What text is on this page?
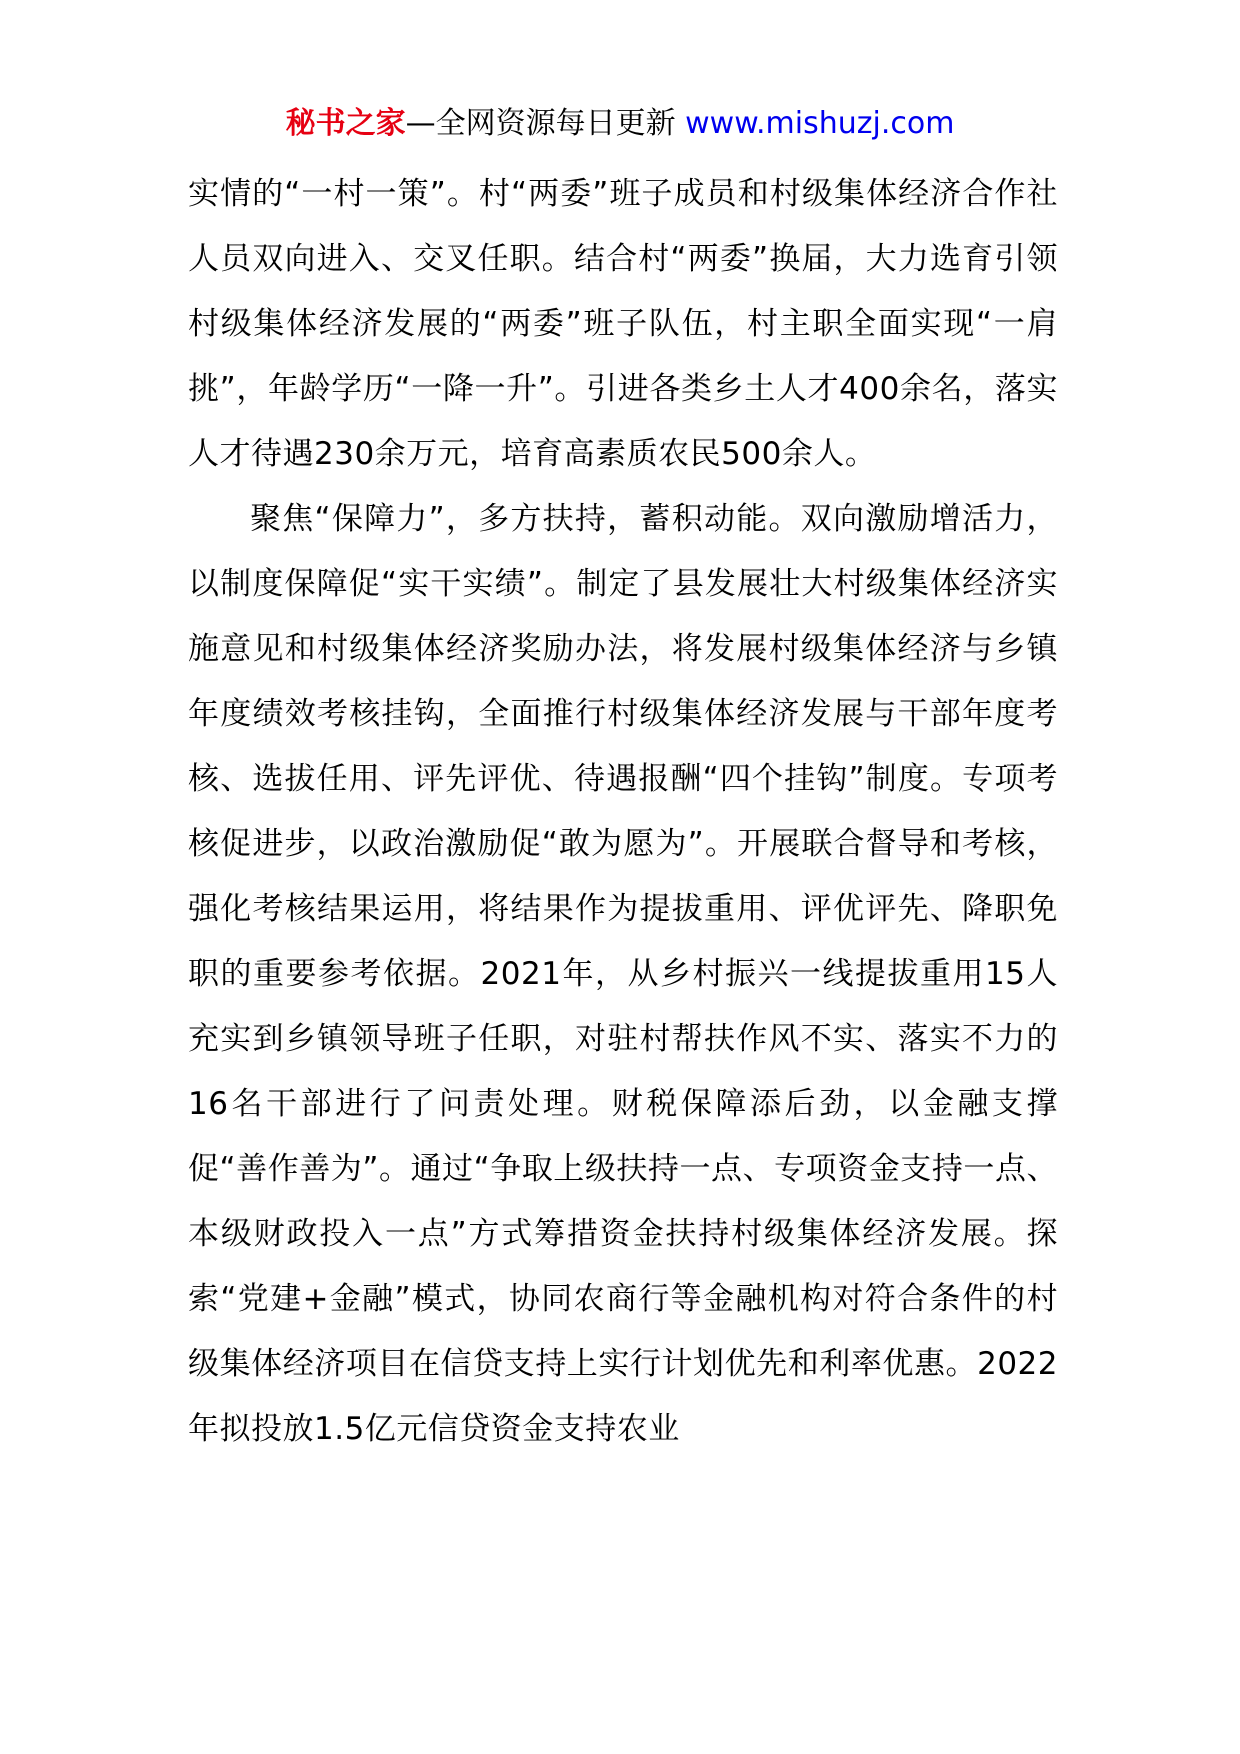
秘书之家—全网资源每日更新 www.mishuzj.com

实情的“一村一策”。村“两委”班子成员和村级集体经济合作社人员双向进入、交叉任职。结合村“两委”换届，大力选育引领村级集体经济发展的“两委”班子队伍，村主职全面实现“一肩挑”，年龄学历“一降一升”。引进各类乡土人才400余名，落实人才待遇230余万元，培育高素质农民500余人。

聚焦“保障力”，多方扶持，蓄积动能。双向激励增活力，以制度保障促“实干实绩”。制定了县发展壮大村级集体经济实施意见和村级集体经济奖励办法，将发展村级集体经济与乡镇年度绩效考核挂钩，全面推行村级集体经济发展与干部年度考核、选拔任用、评先评优、待遇报酬“四个挂钩”制度。专项考核促进步，以政治激励促“敢为愿为”。开展联合督导和考核，强化考核结果运用，将结果作为提拔重用、评优评先、降职免职的重要参考依据。2021年，从乡村振兴一线提拔重用15人充实到乡镇领导班子任职，对驻村帮扶作风不实、落实不力的16名干部进行了问责处理。财税保障添后劲，以金融支撑促“善作善为”。通过“争取上级扶持一点、专项资金支持一点、本级财政投入一点”方式筹措资金扶持村级集体经济发展。探索“党建+金融”模式，协同农商行等金融机构对符合条件的村级集体经济项目在信贷支持上实行计划优先和利率优惠。2022年拟投放1.5亿元信贷资金支持农业
